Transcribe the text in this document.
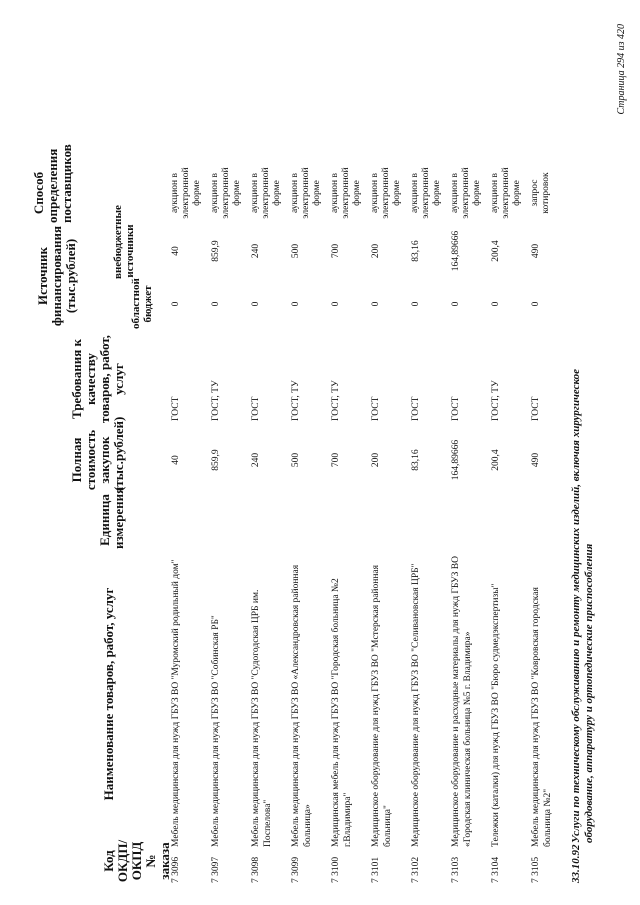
Код ОКДП/ ОКПД № заказа
Наименование товаров, работ, услуг
Единица измерения
Полная стоимость закупок (тыс.рублей)
Требования к качеству товаров, работ, услуг
Источник финансирования (тыс.рублей)	областной бюджет
внебюджетные источники
Способ определения поставщиков
7 3096
Мебель медицинская для нужд ГБУЗ ВО "Муромский родильный дом"
40
ГОСТ
0
40
аукцион в электронной форме
7 3097
Мебель медицинская для нужд ГБУЗ ВО "Собинская РБ"
859,9
ГОСТ, ТУ
0
859,9
аукцион в электронной форме
7 3098
Мебель медицинская для нужд ГБУЗ ВО "Судогодская ЦРБ им. Поспелова"
240
ГОСТ
0
240
аукцион в электронной форме
7 3099
Мебель медицинская для нужд ГБУЗ ВО «Александровская районная больница»
500
ГОСТ, ТУ
0
500
аукцион в электронной форме
7 3100
Медицинская мебель для нужд ГБУЗ ВО "Городская больница №2 г.Владимира"
700
ГОСТ, ТУ
0
700
аукцион в электронной форме
7 3101
Медицинское оборудование для нужд ГБУЗ ВО "Мстерская районная больница"
200
ГОСТ
0
200
аукцион в электронной форме
7 3102
Медицинское оборудование для нужд ГБУЗ ВО "Селивановская ЦРБ"
83,16
ГОСТ
0
83,16
аукцион в электронной форме
7 3103
Медицинское оборудование и расходные материалы для нужд ГБУЗ ВО «Городская клиническая больница №5 г. Владимира»
164,89666
ГОСТ
0
164,89666
аукцион в электронной форме
7 3104
Тележки (каталки) для нужд ГБУЗ ВО "Бюро судмедэкспертизы"
200,4
ГОСТ, ТУ
0
200,4
аукцион в электронной форме
7 3105
Мебель медицинская для нужд ГБУЗ ВО "Ковровская городская больница №2"
490
ГОСТ
0
490
запрос котировок
33.10.92
Услуги по техническому обслуживанию и ремонту медицинских изделий, включая хирургическое оборудование, аппаратуру и ортопедические приспособления
Страница 294 из 420
